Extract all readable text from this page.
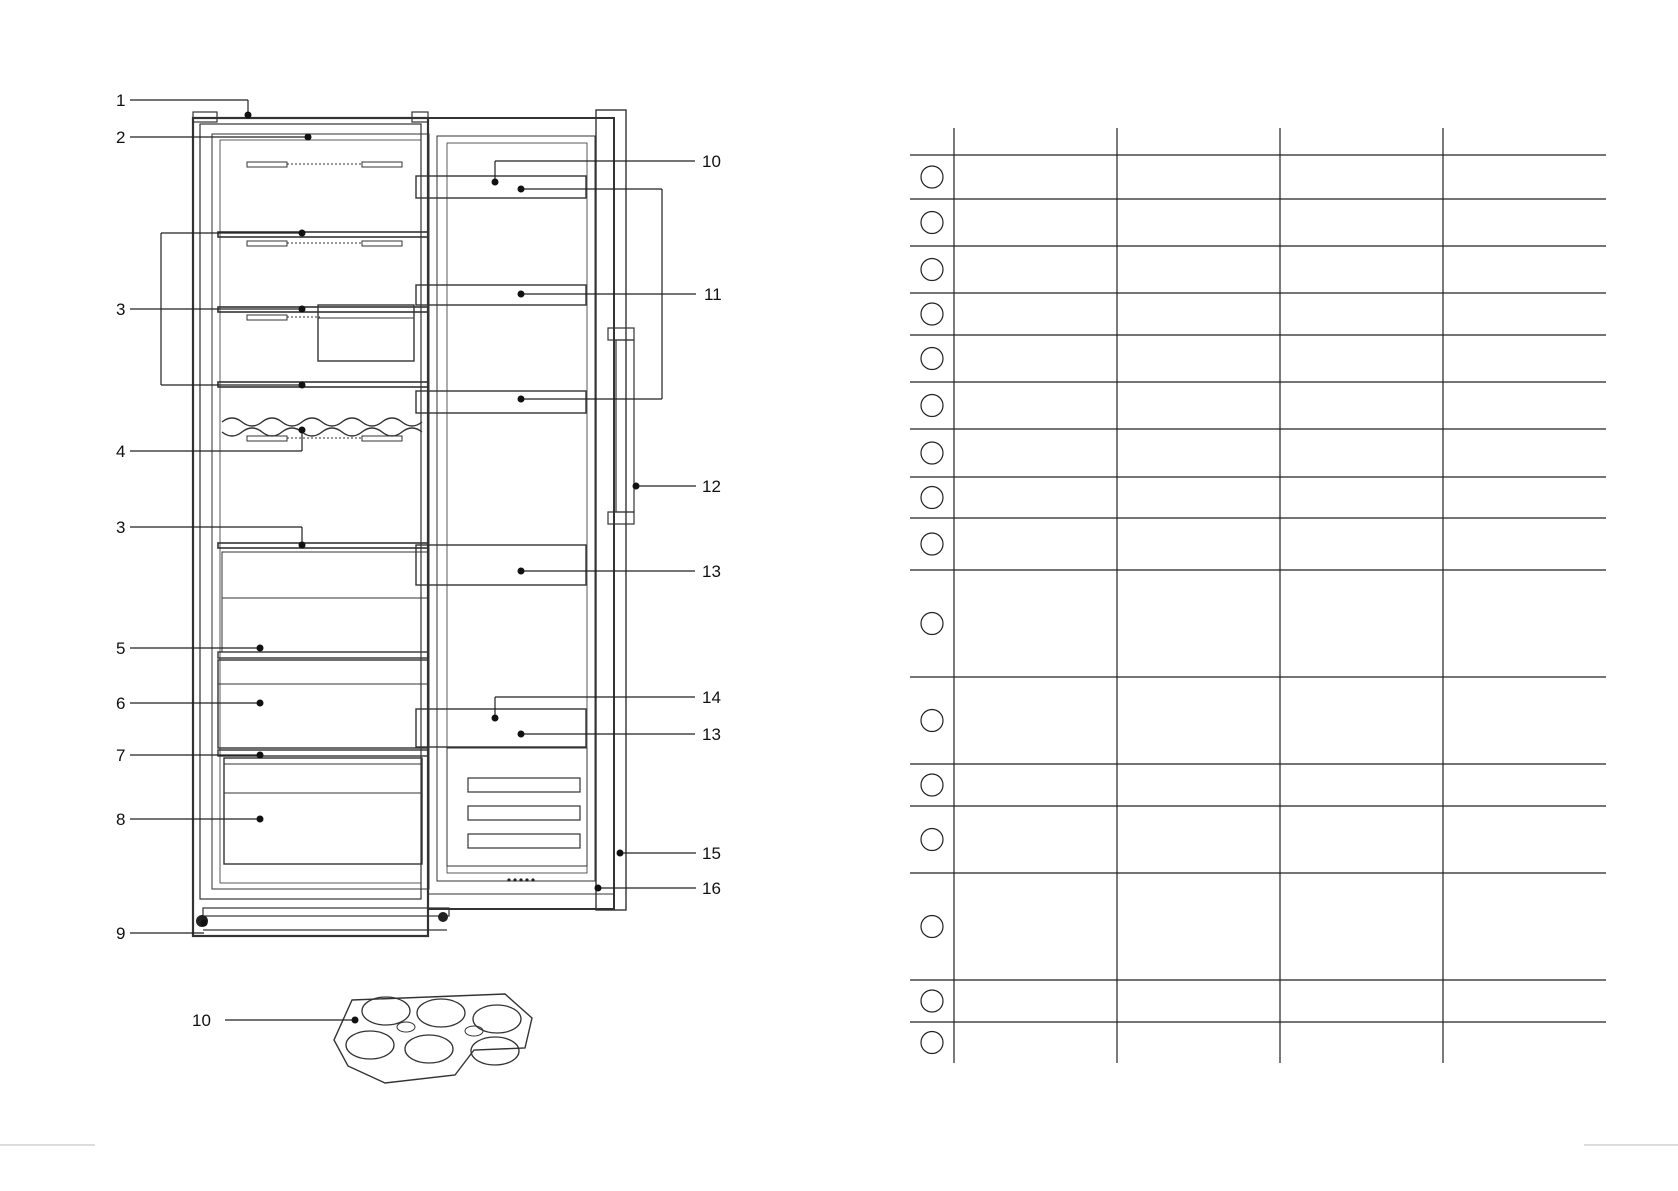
1
2
3
4
3
5
6
7
8
9
10
11
12
13
14
13
15
16
10
